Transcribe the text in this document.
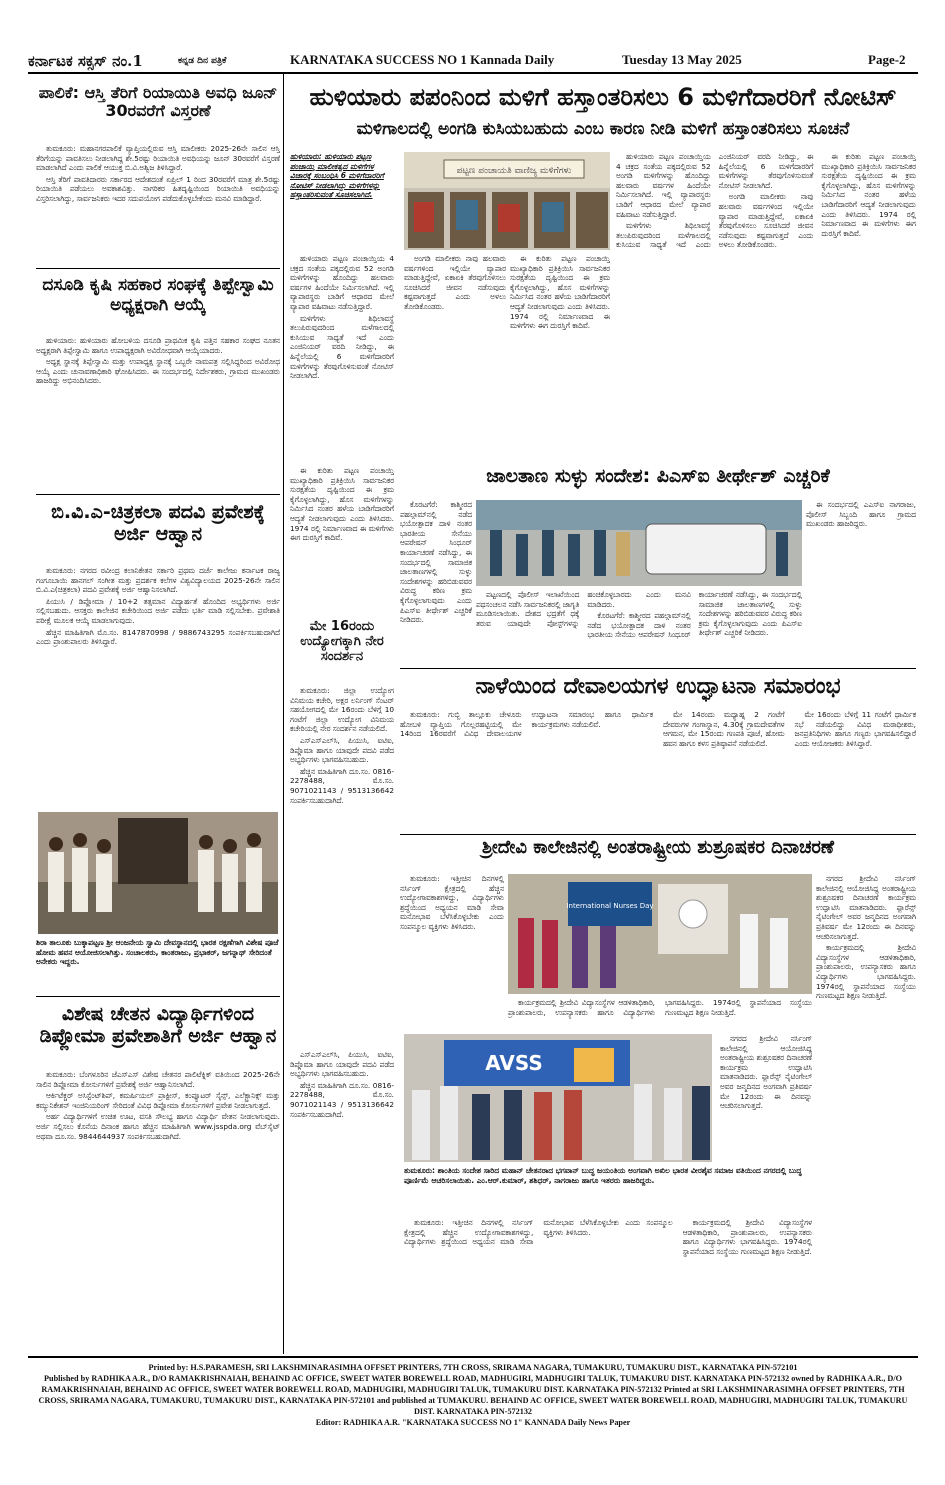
ಕರ್ನಾಟಕ ಸಕ್ಸಸ್ ನಂ.1	ಕನ್ನಡ ದಿನ ಪತ್ರಿಕೆ	KARNATAKA SUCCESS NO 1 Kannada Daily	Tuesday 13 May 2025	Page-2
ಪಾಲಿಕೆ: ಆಸ್ತಿ ತೆರಿಗೆ ರಿಯಾಯಿತಿ ಅವಧಿ ಜೂನ್ 30ರವರೆಗೆ ವಿಸ್ತರಣೆ

ತುಮಕೂರು: ಮಹಾನಗರಪಾಲಿಕೆ ವ್ಯಾಪ್ತಿಯಲ್ಲಿರುವ ಆಸ್ತಿ ಮಾಲೀಕರು 2025-26ನೇ ಸಾಲಿನ ಆಸ್ತಿ ತೆರಿಗೆಯನ್ನು ಪಾವತಿಸಲು ನೀಡಲಾಗಿದ್ದ ಶೇ.5ರಷ್ಟು ರಿಯಾಯಿತಿ ಅವಧಿಯನ್ನು ಜೂನ್ 30ರವರೆಗೆ ವಿಸ್ತರಣೆ ಮಾಡಲಾಗಿದೆ ಎಂದು ಪಾಲಿಕೆ ಆಯುಕ್ತ ಬಿ.ವಿ.ಅಶ್ವಿಜ ತಿಳಿಸಿದ್ದಾರೆ.

ಆಸ್ತಿ ತೆರಿಗೆ ಪಾವತಿದಾರರು ಸರ್ಕಾರದ ಆದೇಶದಂತೆ ಏಪ್ರಿಲ್ 1 ರಿಂದ 30ರವರೆಗೆ ಮಾತ್ರ ಶೇ.5ರಷ್ಟು ರಿಯಾಯಿತಿ ಪಡೆಯಲು ಅವಕಾಶವಿತ್ತು. ನಾಗರಿಕರ ಹಿತದೃಷ್ಟಿಯಿಂದ ರಿಯಾಯಿತಿ ಅವಧಿಯನ್ನು ವಿಸ್ತರಿಸಲಾಗಿದ್ದು, ಸಾರ್ವಜನಿಕರು ಇದರ ಸದುಪಯೋಗ ಪಡೆದುಕೊಳ್ಳಬೇಕೆಂದು ಮನವಿ ಮಾಡಿದ್ದಾರೆ.

ದಸೂಡಿ ಕೃಷಿ ಸಹಕಾರ ಸಂಘಕ್ಕೆ ತಿಪ್ಪೇಸ್ವಾಮಿ ಅಧ್ಯಕ್ಷರಾಗಿ ಆಯ್ಕೆ

ಹುಳಿಯಾರು: ಹುಳಿಯಾರು ಹೋಬಳಿಯ ದಸೂಡಿ ಪ್ರಾಥಮಿಕ ಕೃಷಿ ಪತ್ತಿನ ಸಹಕಾರ ಸಂಘದ ನೂತನ ಅಧ್ಯಕ್ಷರಾಗಿ ತಿಪ್ಪೇಸ್ವಾಮಿ ಹಾಗೂ ಉಪಾಧ್ಯಕ್ಷರಾಗಿ ಅವಿರೋಧವಾಗಿ ಆಯ್ಕೆಯಾದರು.

ಅಧ್ಯಕ್ಷ ಸ್ಥಾನಕ್ಕೆ ತಿಪ್ಪೇಸ್ವಾಮಿ ಮತ್ತು ಉಪಾಧ್ಯಕ್ಷ ಸ್ಥಾನಕ್ಕೆ ಒಬ್ಬರೇ ನಾಮಪತ್ರ ಸಲ್ಲಿಸಿದ್ದರಿಂದ ಅವಿರೋಧ ಆಯ್ಕೆ ಎಂದು ಚುನಾವಣಾಧಿಕಾರಿ ಘೋಷಿಸಿದರು. ಈ ಸಂದರ್ಭದಲ್ಲಿ ನಿರ್ದೇಶಕರು, ಗ್ರಾಮದ ಮುಖಂಡರು ಹಾಜರಿದ್ದು ಅಭಿನಂದಿಸಿದರು.

ಬಿ.ವಿ.ಎ-ಚಿತ್ರಕಲಾ ಪದವಿ ಪ್ರವೇಶಕ್ಕೆ ಅರ್ಜಿ ಆಹ್ವಾನ

ತುಮಕೂರು: ನಗರದ ರವೀಂದ್ರ ಕಲಾನಿಕೇತನ ಸರ್ಕಾರಿ ಪ್ರಥಮ ದರ್ಜೆ ಕಾಲೇಜು ಕರ್ನಾಟಕ ರಾಜ್ಯ ಗಂಗೂಬಾಯಿ ಹಾನಗಲ್ ಸಂಗೀತ ಮತ್ತು ಪ್ರದರ್ಶಕ ಕಲೆಗಳ ವಿಶ್ವವಿದ್ಯಾಲಯದ 2025-26ನೇ ಸಾಲಿನ ಬಿ.ವಿ.ಎ(ಚಿತ್ರಕಲಾ) ಪದವಿ ಪ್ರವೇಶಕ್ಕೆ ಅರ್ಜಿ ಆಹ್ವಾನಿಸಲಾಗಿದೆ.

ಪಿಯುಸಿ / ಡಿಪ್ಲೋಮಾ / 10+2 ತತ್ಸಮಾನ ವಿದ್ಯಾರ್ಹತೆ ಹೊಂದಿದ ಅಭ್ಯರ್ಥಿಗಳು ಅರ್ಜಿ ಸಲ್ಲಿಸಬಹುದು. ಆಸಕ್ತರು ಕಾಲೇಜಿನ ಕಚೇರಿಯಿಂದ ಅರ್ಜಿ ಪಡೆದು ಭರ್ತಿ ಮಾಡಿ ಸಲ್ಲಿಸಬೇಕು. ಪ್ರವೇಶಾತಿ ಪರೀಕ್ಷೆ ಮೂಲಕ ಆಯ್ಕೆ ಮಾಡಲಾಗುವುದು.

ಹೆಚ್ಚಿನ ಮಾಹಿತಿಗಾಗಿ ಮೊ.ಸಂ. 8147870998 / 9886743295 ಸಂಪರ್ಕಿಸಬಹುದಾಗಿದೆ ಎಂದು ಪ್ರಾಂಶುಪಾಲರು ತಿಳಿಸಿದ್ದಾರೆ.

ಶಿರಾ ತಾಲೂಕು ಬುಕ್ಕಾಪಟ್ಟಣ ಶ್ರೀ ಆಂಜನೇಯ ಸ್ವಾಮಿ ದೇವಸ್ಥಾನದಲ್ಲಿ ಭಾರತ ರಕ್ಷಣೆಗಾಗಿ ವಿಶೇಷ ಪೂಜೆ ಹೋಮ ಹವನ ಆಯೋಜಿಸಲಾಗಿತ್ತು. ಸಂಚಾಲಕರು, ಕಾಂತರಾಜು, ಪ್ರಭಾಕರ್, ಜಗನ್ನಾಥ್ ಸೇರಿದಂತೆ ಅನೇಕರು ಇದ್ದರು.
ವಿಶೇಷ ಚೇತನ ವಿದ್ಯಾರ್ಥಿಗಳಿಂದ ಡಿಪ್ಲೋಮಾ ಪ್ರವೇಶಾತಿಗೆ ಅರ್ಜಿ ಆಹ್ವಾನ

ತುಮಕೂರು: ಬೆಂಗಳೂರಿನ ಜೆಎಸ್‌ಎಸ್ ವಿಶೇಷ ಚೇತನರ ಪಾಲಿಟೆಕ್ನಿಕ್ ವತಿಯಿಂದ 2025-26ನೇ ಸಾಲಿನ ಡಿಪ್ಲೋಮಾ ಕೋರ್ಸುಗಳಿಗೆ ಪ್ರವೇಶಕ್ಕೆ ಅರ್ಜಿ ಆಹ್ವಾನಿಸಲಾಗಿದೆ.

ಆರ್ಕಿಟೆಕ್ಚರ್ ಅಸಿಸ್ಟೆಂಟ್‌ಶಿಪ್, ಕಮರ್ಷಿಯಲ್ ಪ್ರಾಕ್ಟೀಸ್, ಕಂಪ್ಯೂಟರ್ ಸೈನ್ಸ್, ಎಲೆಕ್ಟ್ರಾನಿಕ್ಸ್ ಮತ್ತು ಕಮ್ಯುನಿಕೇಶನ್ ಇಂಜಿನಿಯರಿಂಗ್ ಸೇರಿದಂತೆ ವಿವಿಧ ಡಿಪ್ಲೋಮಾ ಕೋರ್ಸುಗಳಿಗೆ ಪ್ರವೇಶ ನೀಡಲಾಗುತ್ತದೆ.

ಅರ್ಹ ವಿದ್ಯಾರ್ಥಿಗಳಿಗೆ ಉಚಿತ ಊಟ, ವಸತಿ ಸೌಲಭ್ಯ ಹಾಗೂ ವಿದ್ಯಾರ್ಥಿ ವೇತನ ನೀಡಲಾಗುವುದು. ಅರ್ಜಿ ಸಲ್ಲಿಸಲು ಕೊನೆಯ ದಿನಾಂಕ ಹಾಗೂ ಹೆಚ್ಚಿನ ಮಾಹಿತಿಗಾಗಿ www.jsspda.org ವೆಬ್‌ಸೈಟ್ ಅಥವಾ ದೂ.ಸಂ. 9844644937 ಸಂಪರ್ಕಿಸಬಹುದಾಗಿದೆ.

ಹುಳಿಯಾರು ಪಪಂನಿಂದ ಮಳಿಗೆ ಹಸ್ತಾಂತರಿಸಲು 6 ಮಳಿಗೆದಾರರಿಗೆ ನೋಟಿಸ್
ಮಳಿಗಾಲದಲ್ಲಿ ಅಂಗಡಿ ಕುಸಿಯಬಹುದು ಎಂಬ ಕಾರಣ ನೀಡಿ ಮಳಿಗೆ ಹಸ್ತಾಂತರಿಸಲು ಸೂಚನೆ
ಹುಳಿಯಾರು: ಹುಳಿಯಾರು ಪಟ್ಟಣ ಪಂಚಾಯ್ತಿ ಮಾಲೀಕತ್ವದ ಮಳಿಗೆಗಳ ವಿಚಾರಕ್ಕೆ ಸಂಬಂಧಿಸಿ 6 ಮಳಿಗೆದಾರರಿಗೆ ನೋಟಿಸ್ ನೀಡಲಾಗಿದ್ದು ಮಳಿಗೆಗಳನ್ನು ಹಸ್ತಾಂತರಿಸುವಂತೆ ಸೂಚಿಸಲಾಗಿದೆ.
ಪಟ್ಟಣ ಪಂಚಾಯತಿ ವಾಣಿಜ್ಯ ಮಳಿಗೆಗಳು

ಹುಳಿಯಾರು ಪಟ್ಟಣ ಪಂಚಾಯ್ತಿಯ 4 ಚಕ್ರದ ಸಂತೆಯ ಪಕ್ಕದಲ್ಲಿರುವ 52 ಅಂಗಡಿ ಮಳಿಗೆಗಳನ್ನು ಹೊಂದಿದ್ದು ಹಲವಾರು ವರ್ಷಗಳ ಹಿಂದೆಯೇ ನಿರ್ಮಿಸಲಾಗಿದೆ. ಇಲ್ಲಿ ವ್ಯಾಪಾರಸ್ಥರು ಬಾಡಿಗೆ ಆಧಾರದ ಮೇಲೆ ವ್ಯಾಪಾರ ವಹಿವಾಟು ನಡೆಸುತ್ತಿದ್ದಾರೆ.

ಮಳಿಗೆಗಳು ಶಿಥಿಲಾವಸ್ಥೆ ತಲುಪಿರುವುದರಿಂದ ಮಳೆಗಾಲದಲ್ಲಿ ಕುಸಿಯುವ ಸಾಧ್ಯತೆ ಇದೆ ಎಂದು ಎಂಜಿನಿಯರ್ ವರದಿ ನೀಡಿದ್ದು, ಈ ಹಿನ್ನೆಲೆಯಲ್ಲಿ 6 ಮಳಿಗೆದಾರರಿಗೆ ಮಳಿಗೆಗಳನ್ನು ತೆರವುಗೊಳಿಸುವಂತೆ ನೋಟಿಸ್ ನೀಡಲಾಗಿದೆ.

ಅಂಗಡಿ ಮಾಲೀಕರು ನಾವು ಹಲವಾರು ವರ್ಷಗಳಿಂದ ಇಲ್ಲಿಯೇ ವ್ಯಾಪಾರ ಮಾಡುತ್ತಿದ್ದೇವೆ, ಏಕಾಏಕಿ ತೆರವುಗೊಳಿಸಲು ಸೂಚಿಸಿದರೆ ಜೀವನ ನಡೆಸುವುದು ಕಷ್ಟವಾಗುತ್ತದೆ ಎಂದು ಅಳಲು ತೋಡಿಕೊಂಡರು.

ಈ ಕುರಿತು ಪಟ್ಟಣ ಪಂಚಾಯ್ತಿ ಮುಖ್ಯಾಧಿಕಾರಿ ಪ್ರತಿಕ್ರಿಯಿಸಿ ಸಾರ್ವಜನಿಕರ ಸುರಕ್ಷತೆಯ ದೃಷ್ಟಿಯಿಂದ ಈ ಕ್ರಮ ಕೈಗೊಳ್ಳಲಾಗಿದ್ದು, ಹೊಸ ಮಳಿಗೆಗಳನ್ನು ನಿರ್ಮಿಸಿದ ನಂತರ ಹಳೆಯ ಬಾಡಿಗೆದಾರರಿಗೆ ಆದ್ಯತೆ ನೀಡಲಾಗುವುದು ಎಂದು ತಿಳಿಸಿದರು. 1974 ರಲ್ಲಿ ನಿರ್ಮಾಣವಾದ ಈ ಮಳಿಗೆಗಳು ಈಗ ದುರಸ್ತಿಗೆ ಕಾದಿವೆ.

ಹುಳಿಯಾರು ಪಟ್ಟಣ ಪಂಚಾಯ್ತಿಯ 4 ಚಕ್ರದ ಸಂತೆಯ ಪಕ್ಕದಲ್ಲಿರುವ 52 ಅಂಗಡಿ ಮಳಿಗೆಗಳನ್ನು ಹೊಂದಿದ್ದು ಹಲವಾರು ವರ್ಷಗಳ ಹಿಂದೆಯೇ ನಿರ್ಮಿಸಲಾಗಿದೆ. ಇಲ್ಲಿ ವ್ಯಾಪಾರಸ್ಥರು ಬಾಡಿಗೆ ಆಧಾರದ ಮೇಲೆ ವ್ಯಾಪಾರ ವಹಿವಾಟು ನಡೆಸುತ್ತಿದ್ದಾರೆ.

ಮಳಿಗೆಗಳು ಶಿಥಿಲಾವಸ್ಥೆ ತಲುಪಿರುವುದರಿಂದ ಮಳೆಗಾಲದಲ್ಲಿ ಕುಸಿಯುವ ಸಾಧ್ಯತೆ ಇದೆ ಎಂದು ಎಂಜಿನಿಯರ್ ವರದಿ ನೀಡಿದ್ದು, ಈ ಹಿನ್ನೆಲೆಯಲ್ಲಿ 6 ಮಳಿಗೆದಾರರಿಗೆ ಮಳಿಗೆಗಳನ್ನು ತೆರವುಗೊಳಿಸುವಂತೆ ನೋಟಿಸ್ ನೀಡಲಾಗಿದೆ.

ಅಂಗಡಿ ಮಾಲೀಕರು ನಾವು ಹಲವಾರು ವರ್ಷಗಳಿಂದ ಇಲ್ಲಿಯೇ ವ್ಯಾಪಾರ ಮಾಡುತ್ತಿದ್ದೇವೆ, ಏಕಾಏಕಿ ತೆರವುಗೊಳಿಸಲು ಸೂಚಿಸಿದರೆ ಜೀವನ ನಡೆಸುವುದು ಕಷ್ಟವಾಗುತ್ತದೆ ಎಂದು ಅಳಲು ತೋಡಿಕೊಂಡರು.

ಈ ಕುರಿತು ಪಟ್ಟಣ ಪಂಚಾಯ್ತಿ ಮುಖ್ಯಾಧಿಕಾರಿ ಪ್ರತಿಕ್ರಿಯಿಸಿ ಸಾರ್ವಜನಿಕರ ಸುರಕ್ಷತೆಯ ದೃಷ್ಟಿಯಿಂದ ಈ ಕ್ರಮ ಕೈಗೊಳ್ಳಲಾಗಿದ್ದು, ಹೊಸ ಮಳಿಗೆಗಳನ್ನು ನಿರ್ಮಿಸಿದ ನಂತರ ಹಳೆಯ ಬಾಡಿಗೆದಾರರಿಗೆ ಆದ್ಯತೆ ನೀಡಲಾಗುವುದು ಎಂದು ತಿಳಿಸಿದರು. 1974 ರಲ್ಲಿ ನಿರ್ಮಾಣವಾದ ಈ ಮಳಿಗೆಗಳು ಈಗ ದುರಸ್ತಿಗೆ ಕಾದಿವೆ.

ಮೇ 16ರಂದು ಉದ್ಯೋಗಕ್ಕಾಗಿ ನೇರ ಸಂದರ್ಶನ

ತುಮಕೂರು: ಜಿಲ್ಲಾ ಉದ್ಯೋಗ ವಿನಿಮಯ ಕಚೇರಿ, ಅಕ್ಷರ ಲರ್ನಿಂಗ್ ಸೆಂಟರ್ ಸಹಯೋಗದಲ್ಲಿ ಮೇ 16ರಂದು ಬೆಳಿಗ್ಗೆ 10 ಗಂಟೆಗೆ ಜಿಲ್ಲಾ ಉದ್ಯೋಗ ವಿನಿಮಯ ಕಚೇರಿಯಲ್ಲಿ ನೇರ ಸಂದರ್ಶನ ನಡೆಯಲಿದೆ.

ಎಸ್‌ಎಸ್‌ಎಲ್‌ಸಿ, ಪಿಯುಸಿ, ಐಟಿಐ, ಡಿಪ್ಲೊಮಾ ಹಾಗೂ ಯಾವುದೇ ಪದವಿ ಪಡೆದ ಅಭ್ಯರ್ಥಿಗಳು ಭಾಗವಹಿಸಬಹುದು.

ಹೆಚ್ಚಿನ ಮಾಹಿತಿಗಾಗಿ ದೂ.ಸಂ. 0816-2278488, ಮೊ.ಸಂ. 9071021143 / 9513136642 ಸಂಪರ್ಕಿಸಬಹುದಾಗಿದೆ.

ಈ ಕುರಿತು ಪಟ್ಟಣ ಪಂಚಾಯ್ತಿ ಮುಖ್ಯಾಧಿಕಾರಿ ಪ್ರತಿಕ್ರಿಯಿಸಿ ಸಾರ್ವಜನಿಕರ ಸುರಕ್ಷತೆಯ ದೃಷ್ಟಿಯಿಂದ ಈ ಕ್ರಮ ಕೈಗೊಳ್ಳಲಾಗಿದ್ದು, ಹೊಸ ಮಳಿಗೆಗಳನ್ನು ನಿರ್ಮಿಸಿದ ನಂತರ ಹಳೆಯ ಬಾಡಿಗೆದಾರರಿಗೆ ಆದ್ಯತೆ ನೀಡಲಾಗುವುದು ಎಂದು ತಿಳಿಸಿದರು. 1974 ರಲ್ಲಿ ನಿರ್ಮಾಣವಾದ ಈ ಮಳಿಗೆಗಳು ಈಗ ದುರಸ್ತಿಗೆ ಕಾದಿವೆ.

ಜಾಲತಾಣ ಸುಳ್ಳು ಸಂದೇಶ: ಪಿಎಸ್ಐ ತೀರ್ಥೇಶ್ ಎಚ್ಚರಿಕೆ

ಕೊರಟಗೆರೆ: ಕಾಶ್ಮೀರದ ಪಹಲ್ಗಾಮ್‌ನಲ್ಲಿ ನಡೆದ ಭಯೋತ್ಪಾದಕ ದಾಳಿ ನಂತರ ಭಾರತೀಯ ಸೇನೆಯು ಆಪರೇಷನ್ ಸಿಂಧೂರ್ ಕಾರ್ಯಾಚರಣೆ ನಡೆಸಿದ್ದು, ಈ ಸಂದರ್ಭದಲ್ಲಿ ಸಾಮಾಜಿಕ ಜಾಲತಾಣಗಳಲ್ಲಿ ಸುಳ್ಳು ಸಂದೇಶಗಳನ್ನು ಹರಿಬಿಡುವವರ ವಿರುದ್ಧ ಕಠಿಣ ಕ್ರಮ ಕೈಗೊಳ್ಳಲಾಗುವುದು ಎಂದು ಪಿಎಸ್ಐ ತೀರ್ಥೇಶ್ ಎಚ್ಚರಿಕೆ ನೀಡಿದರು.

ಈ ಸಂದರ್ಭದಲ್ಲಿ ಎಎಸ್ಐ ನಾಗರಾಜು, ಪೊಲೀಸ್ ಸಿಬ್ಬಂದಿ ಹಾಗೂ ಗ್ರಾಮದ ಮುಖಂಡರು ಹಾಜರಿದ್ದರು.

ಪಟ್ಟಣದಲ್ಲಿ ಪೊಲೀಸ್ ಇಲಾಖೆಯಿಂದ ಪಥಸಂಚಲನ ನಡೆಸಿ ಸಾರ್ವಜನಿಕರಲ್ಲಿ ಜಾಗೃತಿ ಮೂಡಿಸಲಾಯಿತು. ದೇಶದ ಭದ್ರತೆಗೆ ಧಕ್ಕೆ ತರುವ ಯಾವುದೇ ಪೋಸ್ಟ್‌ಗಳನ್ನು ಹಂಚಿಕೊಳ್ಳಬಾರದು ಎಂದು ಮನವಿ ಮಾಡಿದರು.

ಕೊರಟಗೆರೆ: ಕಾಶ್ಮೀರದ ಪಹಲ್ಗಾಮ್‌ನಲ್ಲಿ ನಡೆದ ಭಯೋತ್ಪಾದಕ ದಾಳಿ ನಂತರ ಭಾರತೀಯ ಸೇನೆಯು ಆಪರೇಷನ್ ಸಿಂಧೂರ್ ಕಾರ್ಯಾಚರಣೆ ನಡೆಸಿದ್ದು, ಈ ಸಂದರ್ಭದಲ್ಲಿ ಸಾಮಾಜಿಕ ಜಾಲತಾಣಗಳಲ್ಲಿ ಸುಳ್ಳು ಸಂದೇಶಗಳನ್ನು ಹರಿಬಿಡುವವರ ವಿರುದ್ಧ ಕಠಿಣ ಕ್ರಮ ಕೈಗೊಳ್ಳಲಾಗುವುದು ಎಂದು ಪಿಎಸ್ಐ ತೀರ್ಥೇಶ್ ಎಚ್ಚರಿಕೆ ನೀಡಿದರು.

ನಾಳೆಯಿಂದ ದೇವಾಲಯಗಳ ಉದ್ಘಾಟನಾ ಸಮಾರಂಭ

ತುಮಕೂರು: ಗುಬ್ಬಿ ತಾಲ್ಲೂಕು ಚೇಳೂರು ಹೋಬಳಿ ವ್ಯಾಪ್ತಿಯ ಗೊಲ್ಲರಹಟ್ಟಿಯಲ್ಲಿ ಮೇ 14ರಿಂದ 16ರವರೆಗೆ ವಿವಿಧ ದೇವಾಲಯಗಳ ಉದ್ಘಾಟನಾ ಸಮಾರಂಭ ಹಾಗೂ ಧಾರ್ಮಿಕ ಕಾರ್ಯಕ್ರಮಗಳು ನಡೆಯಲಿವೆ.

ಮೇ 14ರಂದು ಮಧ್ಯಾಹ್ನ 2 ಗಂಟೆಗೆ ದೇವರುಗಳ ಗಂಗಾಸ್ನಾನ, 4.30ಕ್ಕೆ ಗ್ರಾಮದೇವತೆಗಳ ಆಗಮನ, ಮೇ 15ರಂದು ಗಣಪತಿ ಪೂಜೆ, ಹೋಮ ಹವನ ಹಾಗೂ ಕಳಸ ಪ್ರತಿಷ್ಠಾಪನೆ ನಡೆಯಲಿದೆ.

ಮೇ 16ರಂದು ಬೆಳಿಗ್ಗೆ 11 ಗಂಟೆಗೆ ಧಾರ್ಮಿಕ ಸಭೆ ನಡೆಯಲಿದ್ದು ವಿವಿಧ ಮಠಾಧೀಶರು, ಜನಪ್ರತಿನಿಧಿಗಳು ಹಾಗೂ ಗಣ್ಯರು ಭಾಗವಹಿಸಲಿದ್ದಾರೆ ಎಂದು ಆಯೋಜಕರು ತಿಳಿಸಿದ್ದಾರೆ.

ಶ್ರೀದೇವಿ ಕಾಲೇಜಿನಲ್ಲಿ ಅಂತರಾಷ್ಟ್ರೀಯ ಶುಶ್ರೂಷಕರ ದಿನಾಚರಣೆ
International Nurses Day

ತುಮಕೂರು: ಇತ್ತೀಚಿನ ದಿನಗಳಲ್ಲಿ ನರ್ಸಿಂಗ್ ಕ್ಷೇತ್ರದಲ್ಲಿ ಹೆಚ್ಚಿನ ಉದ್ಯೋಗಾವಕಾಶಗಳಿದ್ದು, ವಿದ್ಯಾರ್ಥಿಗಳು ಶ್ರದ್ಧೆಯಿಂದ ಅಧ್ಯಯನ ಮಾಡಿ ಸೇವಾ ಮನೋಭಾವ ಬೆಳೆಸಿಕೊಳ್ಳಬೇಕು ಎಂದು ಸಂಪನ್ಮೂಲ ವ್ಯಕ್ತಿಗಳು ತಿಳಿಸಿದರು.

ನಗರದ ಶ್ರೀದೇವಿ ನರ್ಸಿಂಗ್ ಕಾಲೇಜಿನಲ್ಲಿ ಆಯೋಜಿಸಿದ್ದ ಅಂತರಾಷ್ಟ್ರೀಯ ಶುಶ್ರೂಷಕರ ದಿನಾಚರಣೆ ಕಾರ್ಯಕ್ರಮ ಉದ್ಘಾಟಿಸಿ ಮಾತನಾಡಿದರು. ಫ್ಲಾರೆನ್ಸ್ ನೈಟಿಂಗೇಲ್ ಅವರ ಜನ್ಮದಿನದ ಅಂಗವಾಗಿ ಪ್ರತಿವರ್ಷ ಮೇ 12ರಂದು ಈ ದಿನವನ್ನು ಆಚರಿಸಲಾಗುತ್ತದೆ.

ಕಾರ್ಯಕ್ರಮದಲ್ಲಿ ಶ್ರೀದೇವಿ ವಿದ್ಯಾಸಂಸ್ಥೆಗಳ ಆಡಳಿತಾಧಿಕಾರಿ, ಪ್ರಾಂಶುಪಾಲರು, ಉಪನ್ಯಾಸಕರು ಹಾಗೂ ವಿದ್ಯಾರ್ಥಿಗಳು ಭಾಗವಹಿಸಿದ್ದರು. 1974ರಲ್ಲಿ ಸ್ಥಾಪನೆಯಾದ ಸಂಸ್ಥೆಯು ಗುಣಮಟ್ಟದ ಶಿಕ್ಷಣ ನೀಡುತ್ತಿದೆ.

ಕಾರ್ಯಕ್ರಮದಲ್ಲಿ ಶ್ರೀದೇವಿ ವಿದ್ಯಾಸಂಸ್ಥೆಗಳ ಆಡಳಿತಾಧಿಕಾರಿ, ಪ್ರಾಂಶುಪಾಲರು, ಉಪನ್ಯಾಸಕರು ಹಾಗೂ ವಿದ್ಯಾರ್ಥಿಗಳು ಭಾಗವಹಿಸಿದ್ದರು. 1974ರಲ್ಲಿ ಸ್ಥಾಪನೆಯಾದ ಸಂಸ್ಥೆಯು ಗುಣಮಟ್ಟದ ಶಿಕ್ಷಣ ನೀಡುತ್ತಿದೆ.

ನಗರದ ಶ್ರೀದೇವಿ ನರ್ಸಿಂಗ್ ಕಾಲೇಜಿನಲ್ಲಿ ಆಯೋಜಿಸಿದ್ದ ಅಂತರಾಷ್ಟ್ರೀಯ ಶುಶ್ರೂಷಕರ ದಿನಾಚರಣೆ ಕಾರ್ಯಕ್ರಮ ಉದ್ಘಾಟಿಸಿ ಮಾತನಾಡಿದರು. ಫ್ಲಾರೆನ್ಸ್ ನೈಟಿಂಗೇಲ್ ಅವರ ಜನ್ಮದಿನದ ಅಂಗವಾಗಿ ಪ್ರತಿವರ್ಷ ಮೇ 12ರಂದು ಈ ದಿನವನ್ನು ಆಚರಿಸಲಾಗುತ್ತದೆ.

AVSS
ತುಮಕೂರು: ಶಾಂತಿಯ ಸಂದೇಶ ಸಾರಿದ ಮಹಾನ್ ಚೇತನರಾದ ಭಗವಾನ್ ಬುದ್ಧ ಜಯಂತಿಯ ಅಂಗವಾಗಿ ಅಖಿಲ ಭಾರತ ವೀರಶೈವ ಸಮಾಜ ವತಿಯಿಂದ ನಗರದಲ್ಲಿ ಬುದ್ಧ ಪೂರ್ಣಿಮೆ ಆಚರಿಸಲಾಯಿತು. ಎಂ.ಆರ್.ಕುಮಾರ್, ಶಶಿಧರ್, ನಾಗರಾಜು ಹಾಗೂ ಇತರರು ಹಾಜರಿದ್ದರು.

ತುಮಕೂರು: ಇತ್ತೀಚಿನ ದಿನಗಳಲ್ಲಿ ನರ್ಸಿಂಗ್ ಕ್ಷೇತ್ರದಲ್ಲಿ ಹೆಚ್ಚಿನ ಉದ್ಯೋಗಾವಕಾಶಗಳಿದ್ದು, ವಿದ್ಯಾರ್ಥಿಗಳು ಶ್ರದ್ಧೆಯಿಂದ ಅಧ್ಯಯನ ಮಾಡಿ ಸೇವಾ ಮನೋಭಾವ ಬೆಳೆಸಿಕೊಳ್ಳಬೇಕು ಎಂದು ಸಂಪನ್ಮೂಲ ವ್ಯಕ್ತಿಗಳು ತಿಳಿಸಿದರು.

ಕಾರ್ಯಕ್ರಮದಲ್ಲಿ ಶ್ರೀದೇವಿ ವಿದ್ಯಾಸಂಸ್ಥೆಗಳ ಆಡಳಿತಾಧಿಕಾರಿ, ಪ್ರಾಂಶುಪಾಲರು, ಉಪನ್ಯಾಸಕರು ಹಾಗೂ ವಿದ್ಯಾರ್ಥಿಗಳು ಭಾಗವಹಿಸಿದ್ದರು. 1974ರಲ್ಲಿ ಸ್ಥಾಪನೆಯಾದ ಸಂಸ್ಥೆಯು ಗುಣಮಟ್ಟದ ಶಿಕ್ಷಣ ನೀಡುತ್ತಿದೆ.

ಎಸ್‌ಎಸ್‌ಎಲ್‌ಸಿ, ಪಿಯುಸಿ, ಐಟಿಐ, ಡಿಪ್ಲೊಮಾ ಹಾಗೂ ಯಾವುದೇ ಪದವಿ ಪಡೆದ ಅಭ್ಯರ್ಥಿಗಳು ಭಾಗವಹಿಸಬಹುದು.

ಹೆಚ್ಚಿನ ಮಾಹಿತಿಗಾಗಿ ದೂ.ಸಂ. 0816-2278488, ಮೊ.ಸಂ. 9071021143 / 9513136642 ಸಂಪರ್ಕಿಸಬಹುದಾಗಿದೆ.

Printed by: H.S.PARAMESH, SRI LAKSHMINARASIMHA OFFSET PRINTERS, 7TH CROSS, SRIRAMA NAGARA, TUMAKURU, TUMAKURU DIST., KARNATAKA PIN-572101
Published by RADHIKA A.R., D/O RAMAKRISHNAIAH, BEHAIND AC OFFICE, SWEET WATER BOREWELL ROAD, MADHUGIRI, MADHUGIRI TALUK, TUMAKURU DIST. KARNATAKA PIN-572132 owned by RADHIKA A.R., D/O RAMAKRISHNAIAH, BEHAIND AC OFFICE, SWEET WATER BOREWELL ROAD, MADHUGIRI, MADHUGIRI TALUK, TUMAKURU DIST. KARNATAKA PIN-572132 Printed at SRI LAKSHMINARASIMHA OFFSET PRINTERS, 7TH CROSS, SRIRAMA NAGARA, TUMAKURU, TUMAKURU DIST., KARNATAKA PIN-572101 and published at TUMAKURU. BEHAIND AC OFFICE, SWEET WATER BOREWELL ROAD, MADHUGIRI, MADHUGIRI TALUK, TUMAKURU DIST. KARNATAKA PIN-572132
Editor: RADHIKA A.R. "KARNATAKA SUCCESS NO 1" KANNADA Daily News Paper
